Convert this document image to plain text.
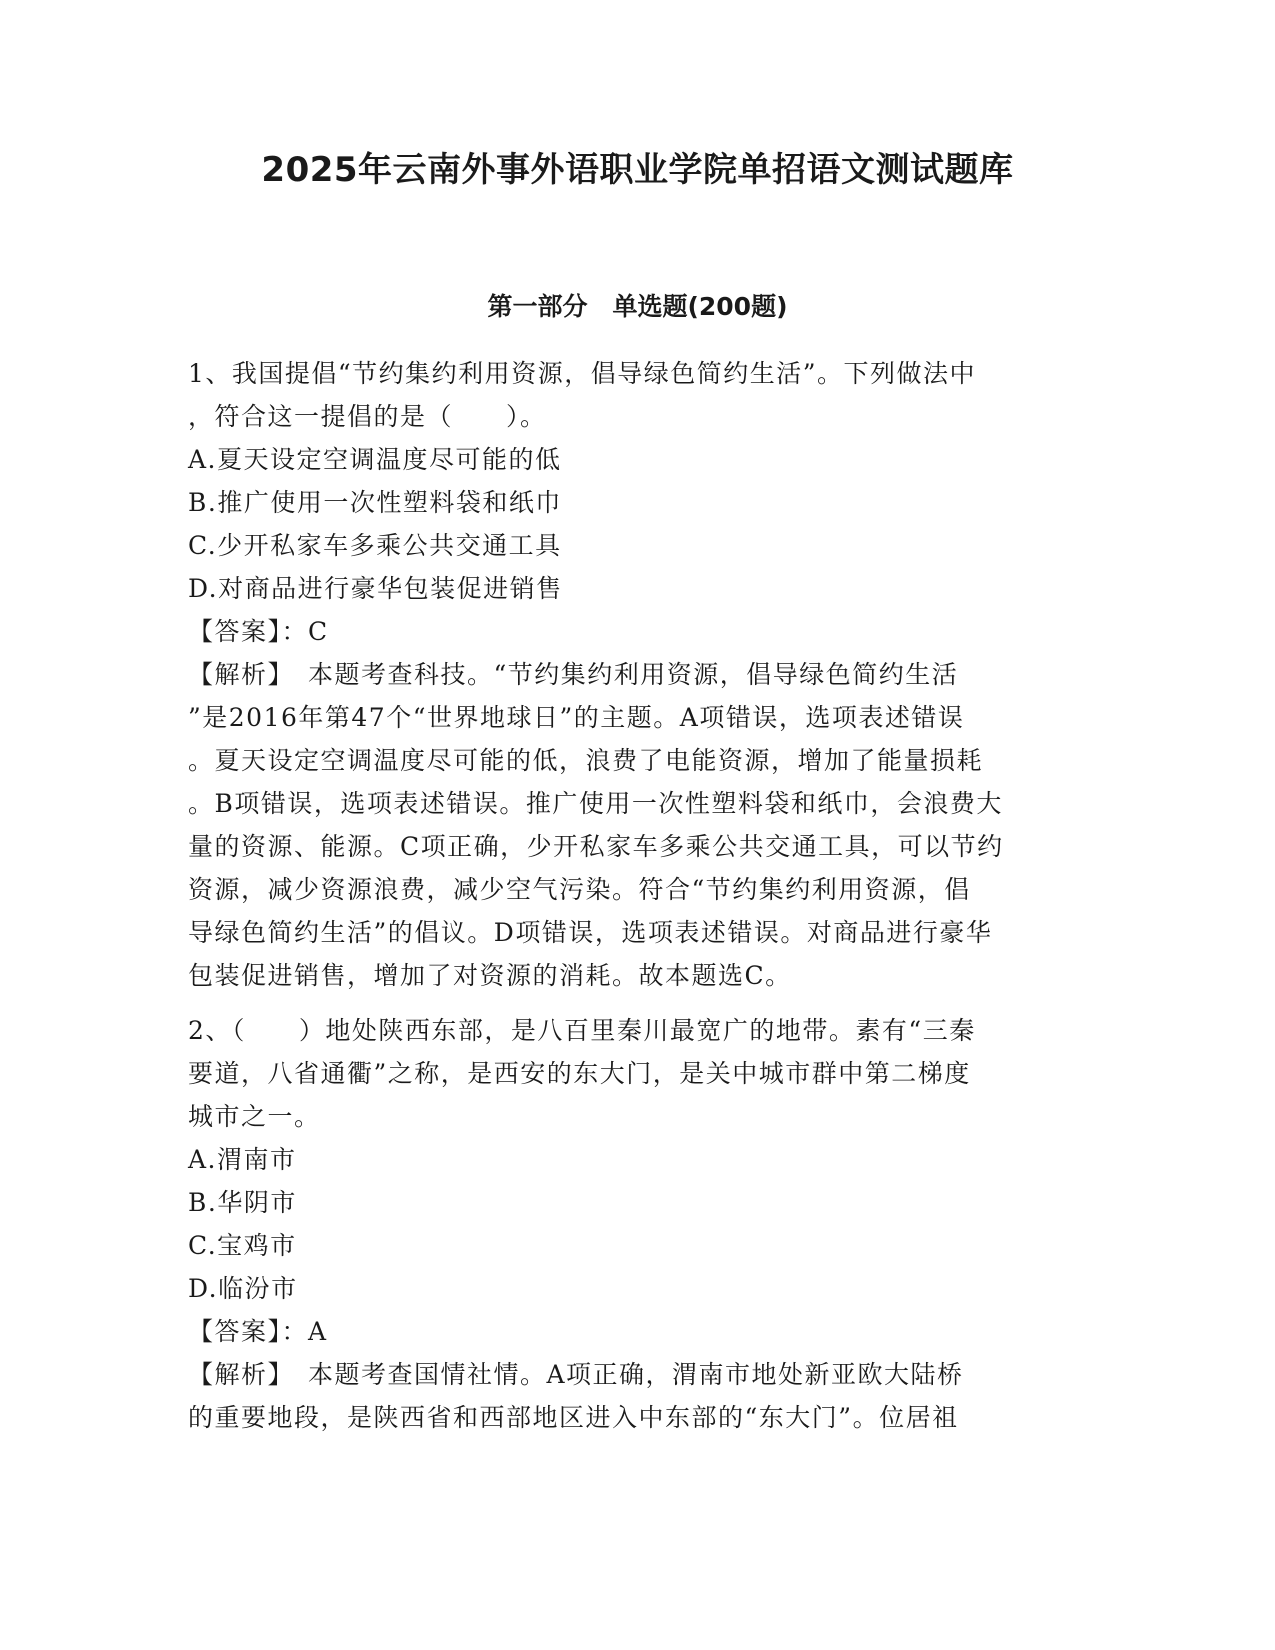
2025年云南外事外语职业学院单招语文测试题库
第一部分　单选题(200题)
1、我国提倡“节约集约利用资源，倡导绿色简约生活”。下列做法中
，符合这一提倡的是（　　）。
A.夏天设定空调温度尽可能的低
B.推广使用一次性塑料袋和纸巾
C.少开私家车多乘公共交通工具
D.对商品进行豪华包装促进销售
【答案】：C
【解析】　本题考查科技。“节约集约利用资源，倡导绿色简约生活
”是2016年第47个“世界地球日”的主题。A项错误，选项表述错误
。夏天设定空调温度尽可能的低，浪费了电能资源，增加了能量损耗
。B项错误，选项表述错误。推广使用一次性塑料袋和纸巾，会浪费大
量的资源、能源。C项正确，少开私家车多乘公共交通工具，可以节约
资源，减少资源浪费，减少空气污染。符合“节约集约利用资源，倡
导绿色简约生活”的倡议。D项错误，选项表述错误。对商品进行豪华
包装促进销售，增加了对资源的消耗。故本题选C。
2、（　　）地处陕西东部，是八百里秦川最宽广的地带。素有“三秦
要道，八省通衢”之称，是西安的东大门，是关中城市群中第二梯度
城市之一。
A.渭南市
B.华阴市
C.宝鸡市
D.临汾市
【答案】：A
【解析】　本题考查国情社情。A项正确，渭南市地处新亚欧大陆桥
的重要地段，是陕西省和西部地区进入中东部的“东大门”。位居祖
